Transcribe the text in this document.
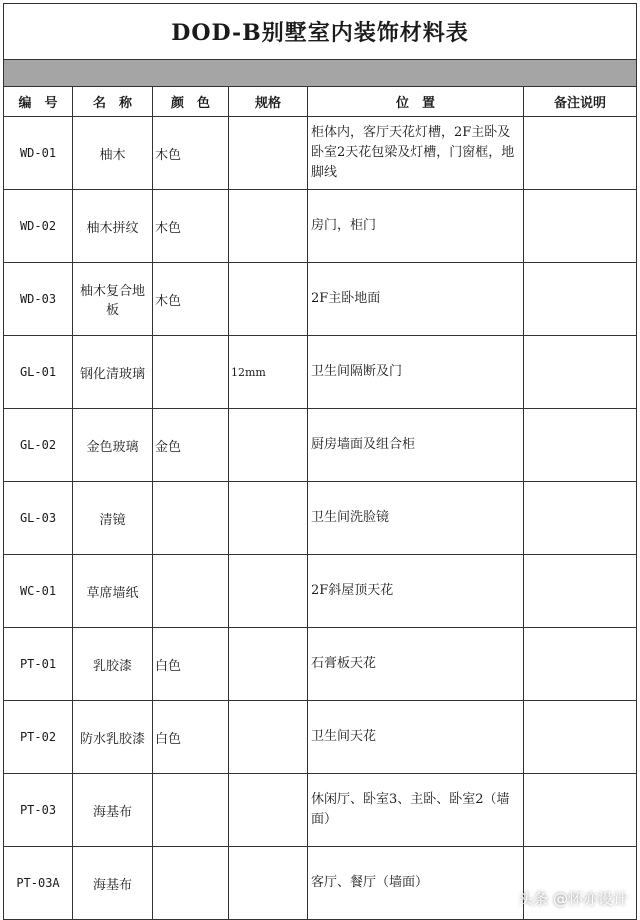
DOD-B别墅室内装饰材料表					

编　号	名　称	颜　色	规格	位　置	备注说明
WD-01	柚木	木色		柜体内，客厅天花灯槽，2F主卧及卧室2天花包梁及灯槽，门窗框，地脚线	
WD-02	柚木拼纹	木色		房门，柜门	
WD-03	柚木复合地板	木色		2F主卧地面	
GL-01	钢化清玻璃		12mm	卫生间隔断及门	
GL-02	金色玻璃	金色		厨房墙面及组合柜	
GL-03	清镜			卫生间洗脸镜	
WC-01	草席墙纸			2F斜屋顶天花	
PT-01	乳胶漆	白色		石膏板天花	
PT-02	防水乳胶漆	白色		卫生间天花	
PT-03	海基布			休闲厅、卧室3、主卧、卧室2（墙面）	
PT-03A	海基布			客厅、餐厅（墙面）	
头条 @怀亦设计
